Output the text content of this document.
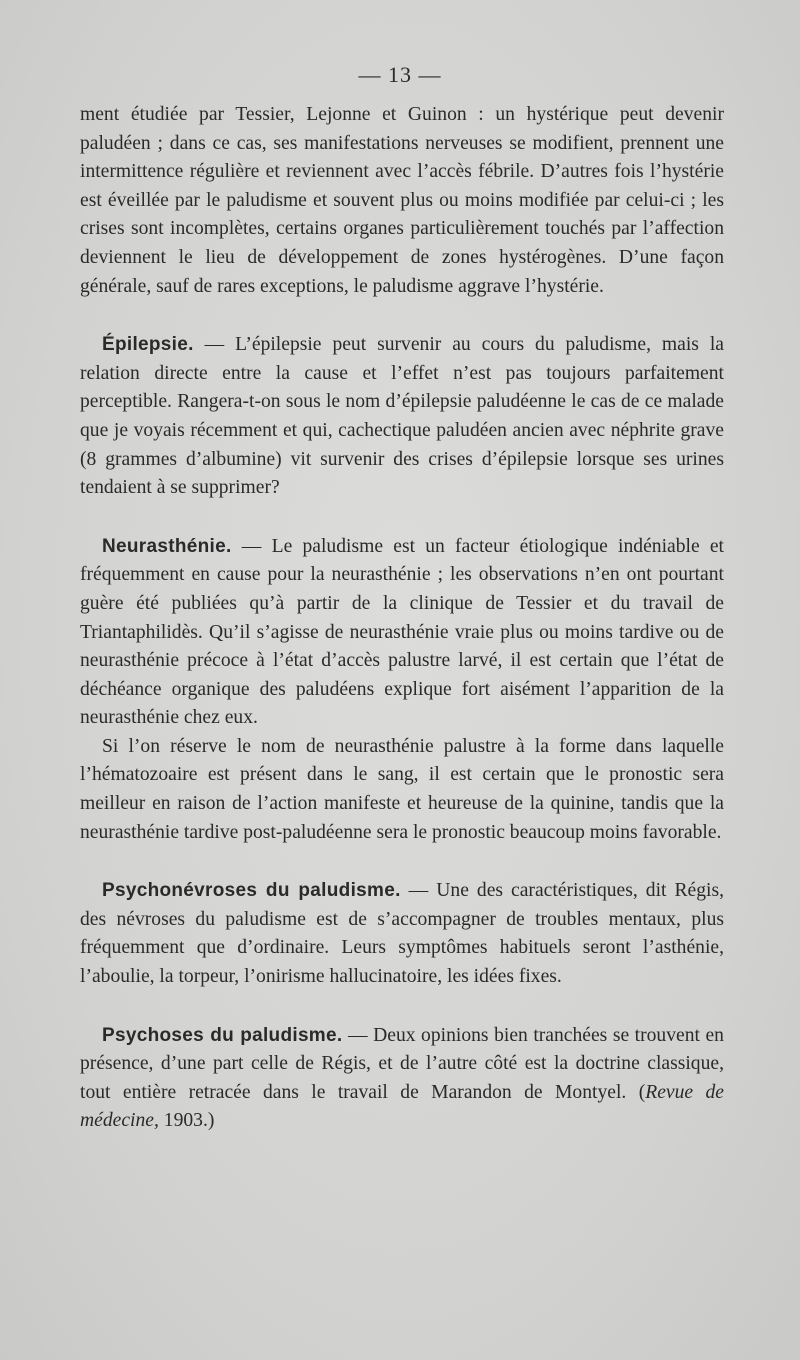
— 13 —

ment étudiée par Tessier, Lejonne et Guinon : un hystérique peut devenir paludéen ; dans ce cas, ses manifestations nerveuses se modifient, prennent une intermittence régulière et reviennent avec l’accès fébrile. D’autres fois l’hystérie est éveillée par le paludisme et souvent plus ou moins modifiée par celui-ci ; les crises sont incomplètes, certains organes particulièrement touchés par l’affection deviennent le lieu de développement de zones hystérogènes. D’une façon générale, sauf de rares exceptions, le paludisme aggrave l’hystérie.

Épilepsie. — L’épilepsie peut survenir au cours du paludisme, mais la relation directe entre la cause et l’effet n’est pas toujours parfaitement perceptible. Rangera-t-on sous le nom d’épilepsie paludéenne le cas de ce malade que je voyais récemment et qui, cachectique paludéen ancien avec néphrite grave (8 grammes d’albumine) vit survenir des crises d’épilepsie lorsque ses urines tendaient à se supprimer?

Neurasthénie. — Le paludisme est un facteur étiologique indéniable et fréquemment en cause pour la neurasthénie ; les observations n’en ont pourtant guère été publiées qu’à partir de la clinique de Tessier et du travail de Triantaphilidès. Qu’il s’agisse de neurasthénie vraie plus ou moins tardive ou de neurasthénie précoce à l’état d’accès palustre larvé, il est certain que l’état de déchéance organique des paludéens explique fort aisément l’apparition de la neurasthénie chez eux.

Si l’on réserve le nom de neurasthénie palustre à la forme dans laquelle l’hématozoaire est présent dans le sang, il est certain que le pronostic sera meilleur en raison de l’action manifeste et heureuse de la quinine, tandis que la neurasthénie tardive post-paludéenne sera le pronostic beaucoup moins favorable.

Psychonévroses du paludisme. — Une des caractéristiques, dit Régis, des névroses du paludisme est de s’accompagner de troubles mentaux, plus fréquemment que d’ordinaire. Leurs symptômes habituels seront l’asthénie, l’aboulie, la torpeur, l’onirisme hallucinatoire, les idées fixes.

Psychoses du paludisme. — Deux opinions bien tranchées se trouvent en présence, d’une part celle de Régis, et de l’autre côté est la doctrine classique, tout entière retracée dans le travail de Marandon de Montyel. (Revue de médecine, 1903.)
